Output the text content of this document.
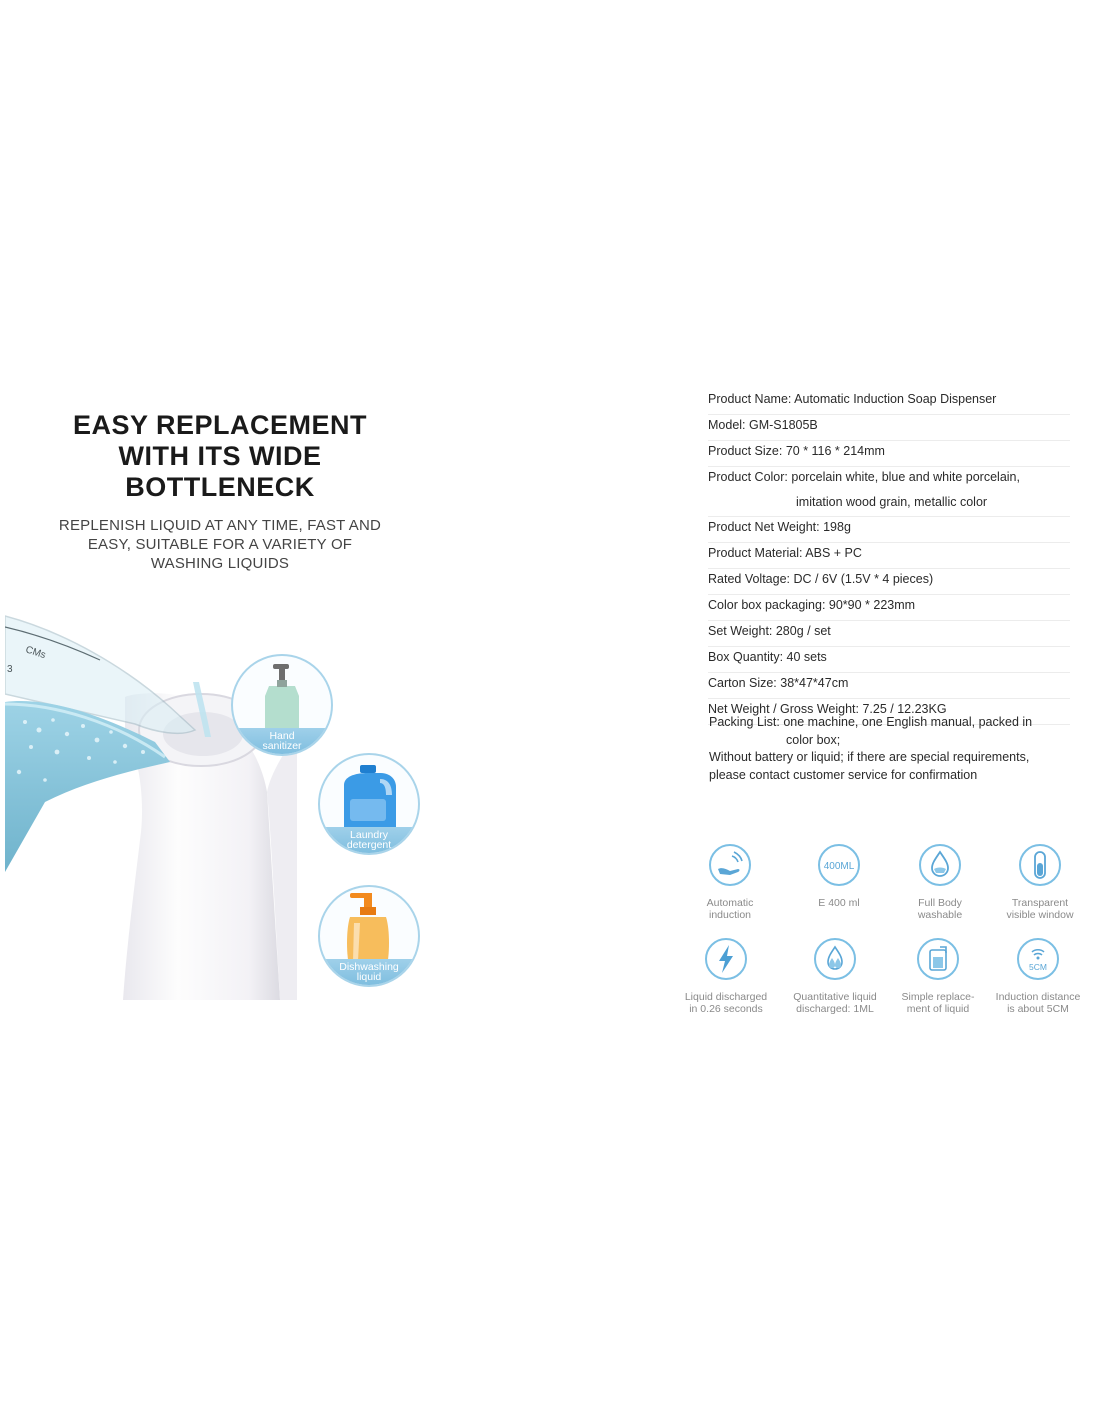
EASY REPLACEMENT
WITH ITS WIDE
BOTTLENECK
REPLENISH LIQUID AT ANY TIME, FAST AND
EASY, SUITABLE FOR A VARIETY OF
WASHING LIQUIDS
CMs
3
Hand
sanitizer
Laundry
detergent
Dishwashing
liquid
Product Name: Automatic Induction Soap Dispenser
Model: GM-S1805B
Product Size: 70 * 116 * 214mm
Product Color: porcelain white, blue and white porcelain,
imitation wood grain, metallic color
Product Net Weight: 198g
Product Material: ABS + PC
Rated Voltage: DC / 6V (1.5V * 4 pieces)
Color box packaging: 90*90 * 223mm
Set Weight: 280g / set
Box Quantity: 40 sets
Carton Size: 38*47*47cm
Net Weight / Gross Weight: 7.25 / 12.23KG
Packing List: one machine, one English manual, packed in
color box;
Without battery or liquid; if there are special requirements,
please contact customer service for confirmation
Automatic
induction
400ML
E 400 ml	Full Body
washable
Transparent
visible window
Liquid discharged
in 0.26 seconds
Quantitative liquid
discharged: 1ML
Simple replace-
ment of liquid
5CM
Induction distance
is about 5CM
